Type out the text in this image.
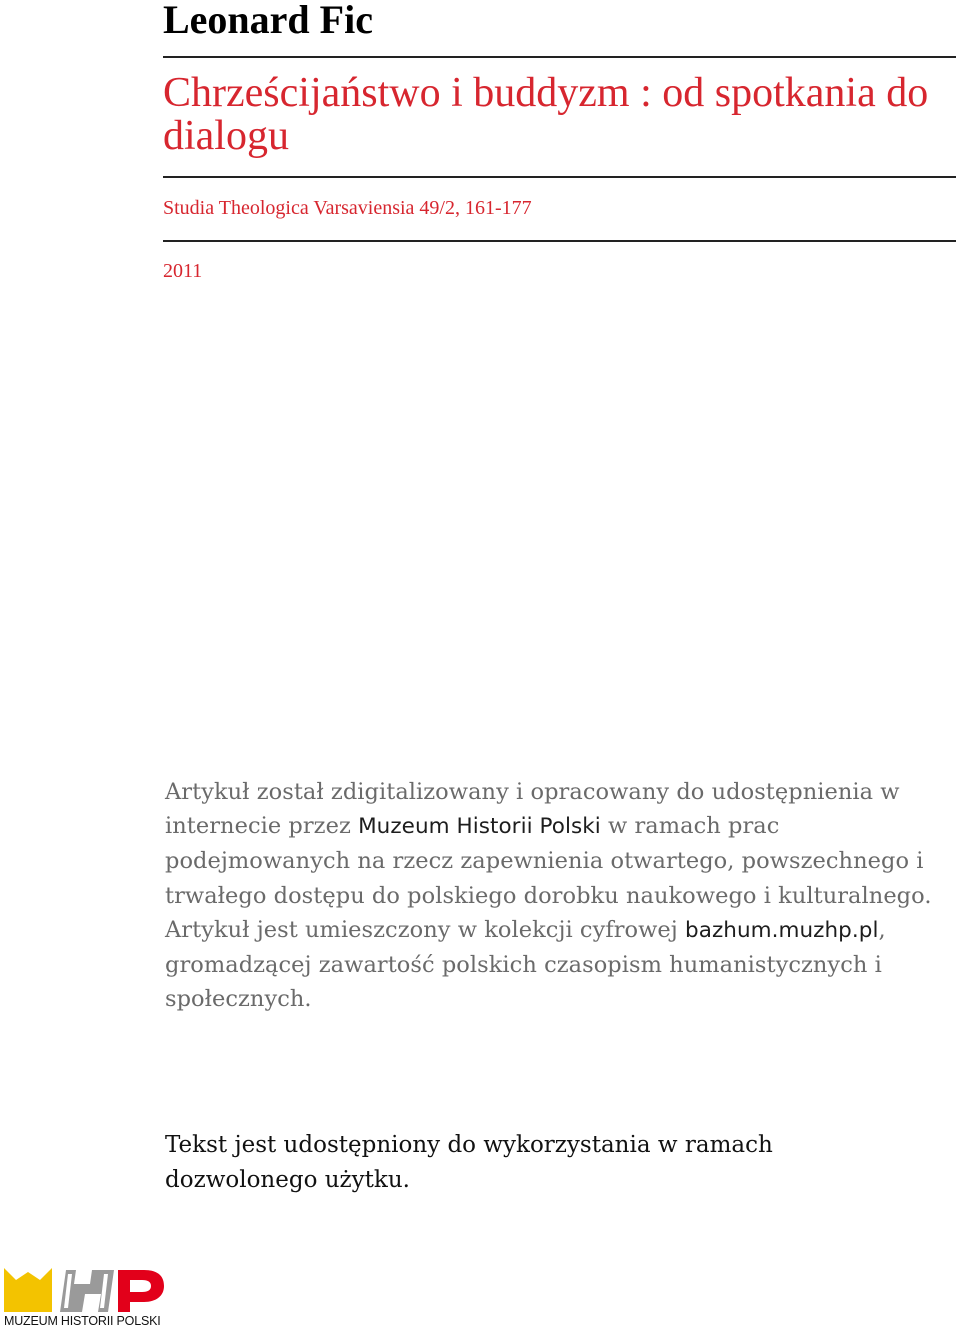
Leonard Fic
Chrześcijaństwo i buddyzm : od spotkania do dialogu
Studia Theologica Varsaviensia 49/2, 161-177
2011
Artykuł został zdigitalizowany i opracowany do udostępnienia w internecie przez Muzeum Historii Polski w ramach prac podejmowanych na rzecz zapewnienia otwartego, powszechnego i trwałego dostępu do polskiego dorobku naukowego i kulturalnego. Artykuł jest umieszczony w kolekcji cyfrowej bazhum.muzhp.pl, gromadzącej zawartość polskich czasopism humanistycznych i społecznych.
Tekst jest udostępniony do wykorzystania w ramach dozwolonego użytku.
MUZEUM HISTORII POLSKI
